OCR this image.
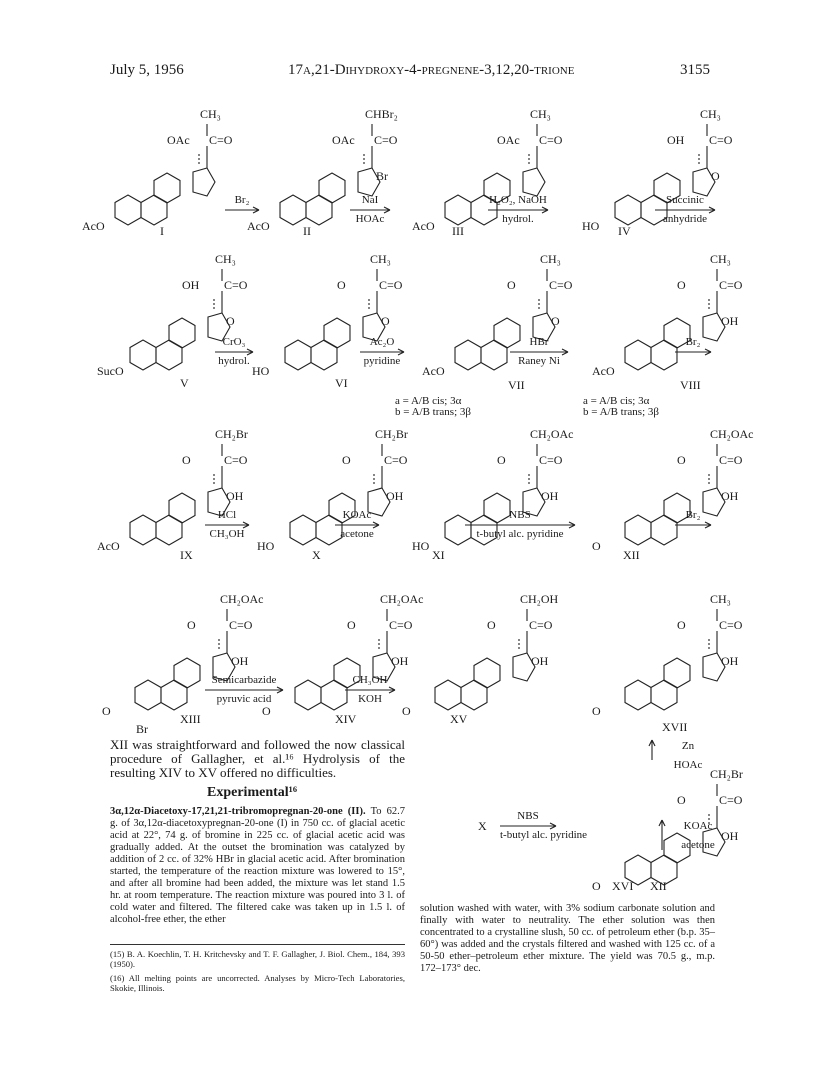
July 5, 1956	17α,21-Dihydroxy-4-pregnene-3,12,20-trione	3155
CH₃
C=O
OAc
AcO	I
Br₂
CHBr₂
C=O
OAc
Br
AcO	II
NaI
HOAc
CH₃
C=O
OAc
AcO III
H₂O₂, NaOH
hydrol.
CH₃
C=O
OH
O
HO IV
Succinic
anhydride
CH₃
C=O
OH
O
SucO
V
CrO₃
hydrol.
CH₃
C=O
O
O
HO
VI
Ac₂O
pyridine
CH₃
C=O
O
O
AcO
VII
HBr
Raney Ni
CH₃
C=O
O
OH
AcO
VIII
Br₂
CH₂Br
C=O
O
OH
AcO
IX
HCl
CH₃OH
CH₂Br
C=O
O
OH
HO
X
KOAc
acetone
CH₂OAc
C=O
O
OH
HO
XI
NBS
t-butyl alc. pyridine
CH₂OAc
C=O
O
OH
O
XII
Br₂
CH₂OAc
C=O
O
OH
O
Br
XIII
Semicarbazide
pyruvic acid
CH₂OAc
C=O
O
OH
O
XIV
CH₃OH
KOH
CH₂OH
C=O
O
OH
O
XV
CH₃
C=O
O
OH
O
XVII
Zn
HOAc
CH₂Br
C=O
O
OH
O XVI
NBS
t-butyl alc. pyridine
KOAc
acetone
X
XII
a = A/B cis; 3α
b = A/B trans; 3β
a = A/B cis; 3α
b = A/B trans; 3β
XII was straightforward and followed the now classical procedure of Gallagher, et al.¹⁶ Hydrolysis of the resulting XIV to XV offered no difficulties.
Experimental¹⁶
3α,12α-Diacetoxy-17,21,21-tribromopregnan-20-one (II). To 62.7 g. of 3α,12α-diacetoxypregnan-20-one (I) in 750 cc. of glacial acetic acid at 22°, 74 g. of bromine in 225 cc. of glacial acetic acid was gradually added. At the outset the bromination was catalyzed by addition of 2 cc. of 32% HBr in glacial acetic acid. After bromination started, the temperature of the reaction mixture was lowered to 15°, and after all bromine had been added, the mixture was let stand 1.5 hr. at room temperature. The reaction mixture was poured into 3 l. of cold water and filtered. The filtered cake was taken up in 1.5 l. of alcohol-free ether, the ether
(15) B. A. Koechlin, T. H. Kritchevsky and T. F. Gallagher, J. Biol. Chem., 184, 393 (1950).
(16) All melting points are uncorrected. Analyses by Micro-Tech Laboratories, Skokie, Illinois.
solution washed with water, with 3% sodium carbonate solution and finally with water to neutrality. The ether solution was then concentrated to a crystalline slush, 50 cc. of petroleum ether (b.p. 35–60°) was added and the crystals filtered and washed with 125 cc. of a 50-50 ether–petroleum ether mixture. The yield was 70.5 g., m.p. 172–173° dec.
